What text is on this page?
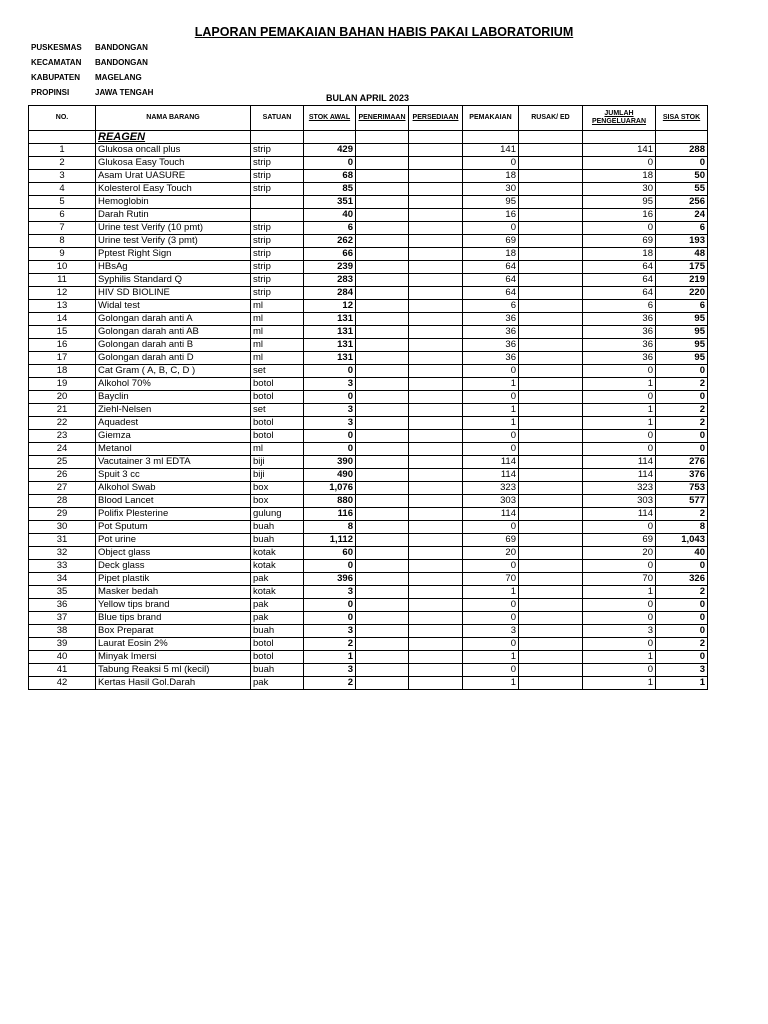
LAPORAN PEMAKAIAN BAHAN HABIS PAKAI LABORATORIUM
PUSKESMAS BANDONGAN
KECAMATAN BANDONGAN
KABUPATEN MAGELANG
PROPINSI	JAWA TENGAH
BULAN APRIL 2023
NO.	NAMA BARANG	SATUAN	STOK AWAL	PENERIMAAN	PERSEDIAAN	PEMAKAIAN	RUSAK/ ED	JUMLAH PENGELUARAN	SISA STOK
	REAGEN								
1	Glukosa oncall plus	strip	429			141		141	288
2	Glukosa Easy Touch	strip	0			0		0	0
3	Asam Urat UASURE	strip	68			18		18	50
4	Kolesterol Easy Touch	strip	85			30		30	55
5	Hemoglobin		351			95		95	256
6	Darah Rutin		40			16		16	24
7	Urine test Verify (10 pmt)	strip	6			0		0	6
8	Urine test Verify (3 pmt)	strip	262			69		69	193
9	Pptest Right Sign	strip	66			18		18	48
10	HBsAg	strip	239			64		64	175
11	Syphilis Standard Q	strip	283			64		64	219
12	HIV SD BIOLINE	strip	284			64		64	220
13	Widal test	ml	12			6		6	6
14	Golongan darah anti A	ml	131			36		36	95
15	Golongan darah anti AB	ml	131			36		36	95
16	Golongan darah anti B	ml	131			36		36	95
17	Golongan darah anti D	ml	131			36		36	95
18	Cat Gram ( A, B, C, D )	set	0			0		0	0
19	Alkohol 70%	botol	3			1		1	2
20	Bayclin	botol	0			0		0	0
21	Ziehl-Nelsen	set	3			1		1	2
22	Aquadest	botol	3			1		1	2
23	Giemza	botol	0			0		0	0
24	Metanol	ml	0			0		0	0
25	Vacutainer 3 ml EDTA	biji	390			114		114	276
26	Spuit 3 cc	biji	490			114		114	376
27	Alkohol Swab	box	1,076			323		323	753
28	Blood Lancet	box	880			303		303	577
29	Polifix Plesterine	gulung	116			114		114	2
30	Pot Sputum	buah	8			0		0	8
31	Pot urine	buah	1,112			69		69	1,043
32	Object glass	kotak	60			20		20	40
33	Deck glass	kotak	0			0		0	0
34	Pipet plastik	pak	396			70		70	326
35	Masker bedah	kotak	3			1		1	2
36	Yellow tips brand	pak	0			0		0	0
37	Blue tips brand	pak	0			0		0	0
38	Box Preparat	buah	3			3		3	0
39	Laurat Eosin 2%	botol	2			0		0	2
40	Minyak Imersi	botol	1			1		1	0
41	Tabung Reaksi 5 ml (kecil)	buah	3			0		0	3
42	Kertas Hasil Gol.Darah	pak	2			1		1	1
